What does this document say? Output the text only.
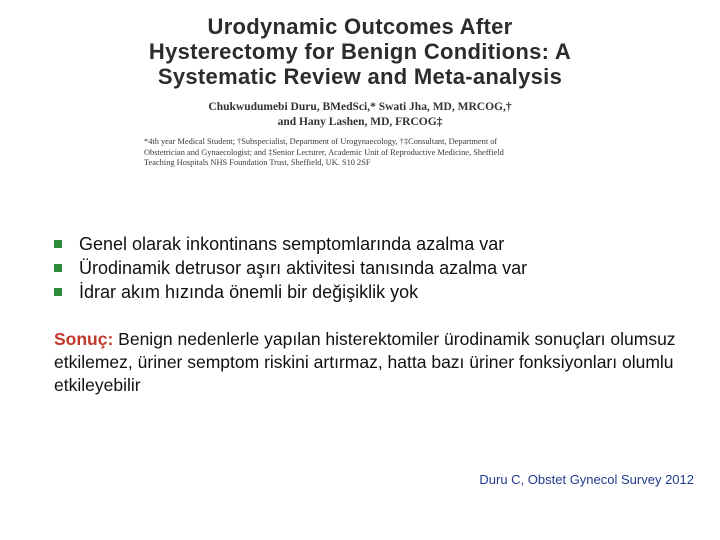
Urodynamic Outcomes After
Hysterectomy for Benign Conditions: A
Systematic Review and Meta-analysis
Chukwudumebi Duru, BMedSci,* Swati Jha, MD, MRCOG,†
and Hany Lashen, MD, FRCOG‡
*4th year Medical Student; †Subspecialist, Department of Urogynaecology, †‡Consultant, Department of
Obstetrician and Gynaecologist; and ‡Senior Lecturer, Academic Unit of Reproductive Medicine, Sheffield
Teaching Hospitals NHS Foundation Trust, Sheffield, UK. S10 2SF
Genel olarak inkontinans semptomlarında azalma var
Ürodinamik detrusor aşırı aktivitesi tanısında azalma var
İdrar akım hızında önemli bir değişiklik yok
Sonuç: Benign nedenlerle yapılan histerektomiler ürodinamik sonuçları olumsuz etkilemez, üriner semptom riskini artırmaz, hatta bazı üriner fonksiyonları olumlu etkileyebilir
Duru C, Obstet Gynecol Survey 2012
